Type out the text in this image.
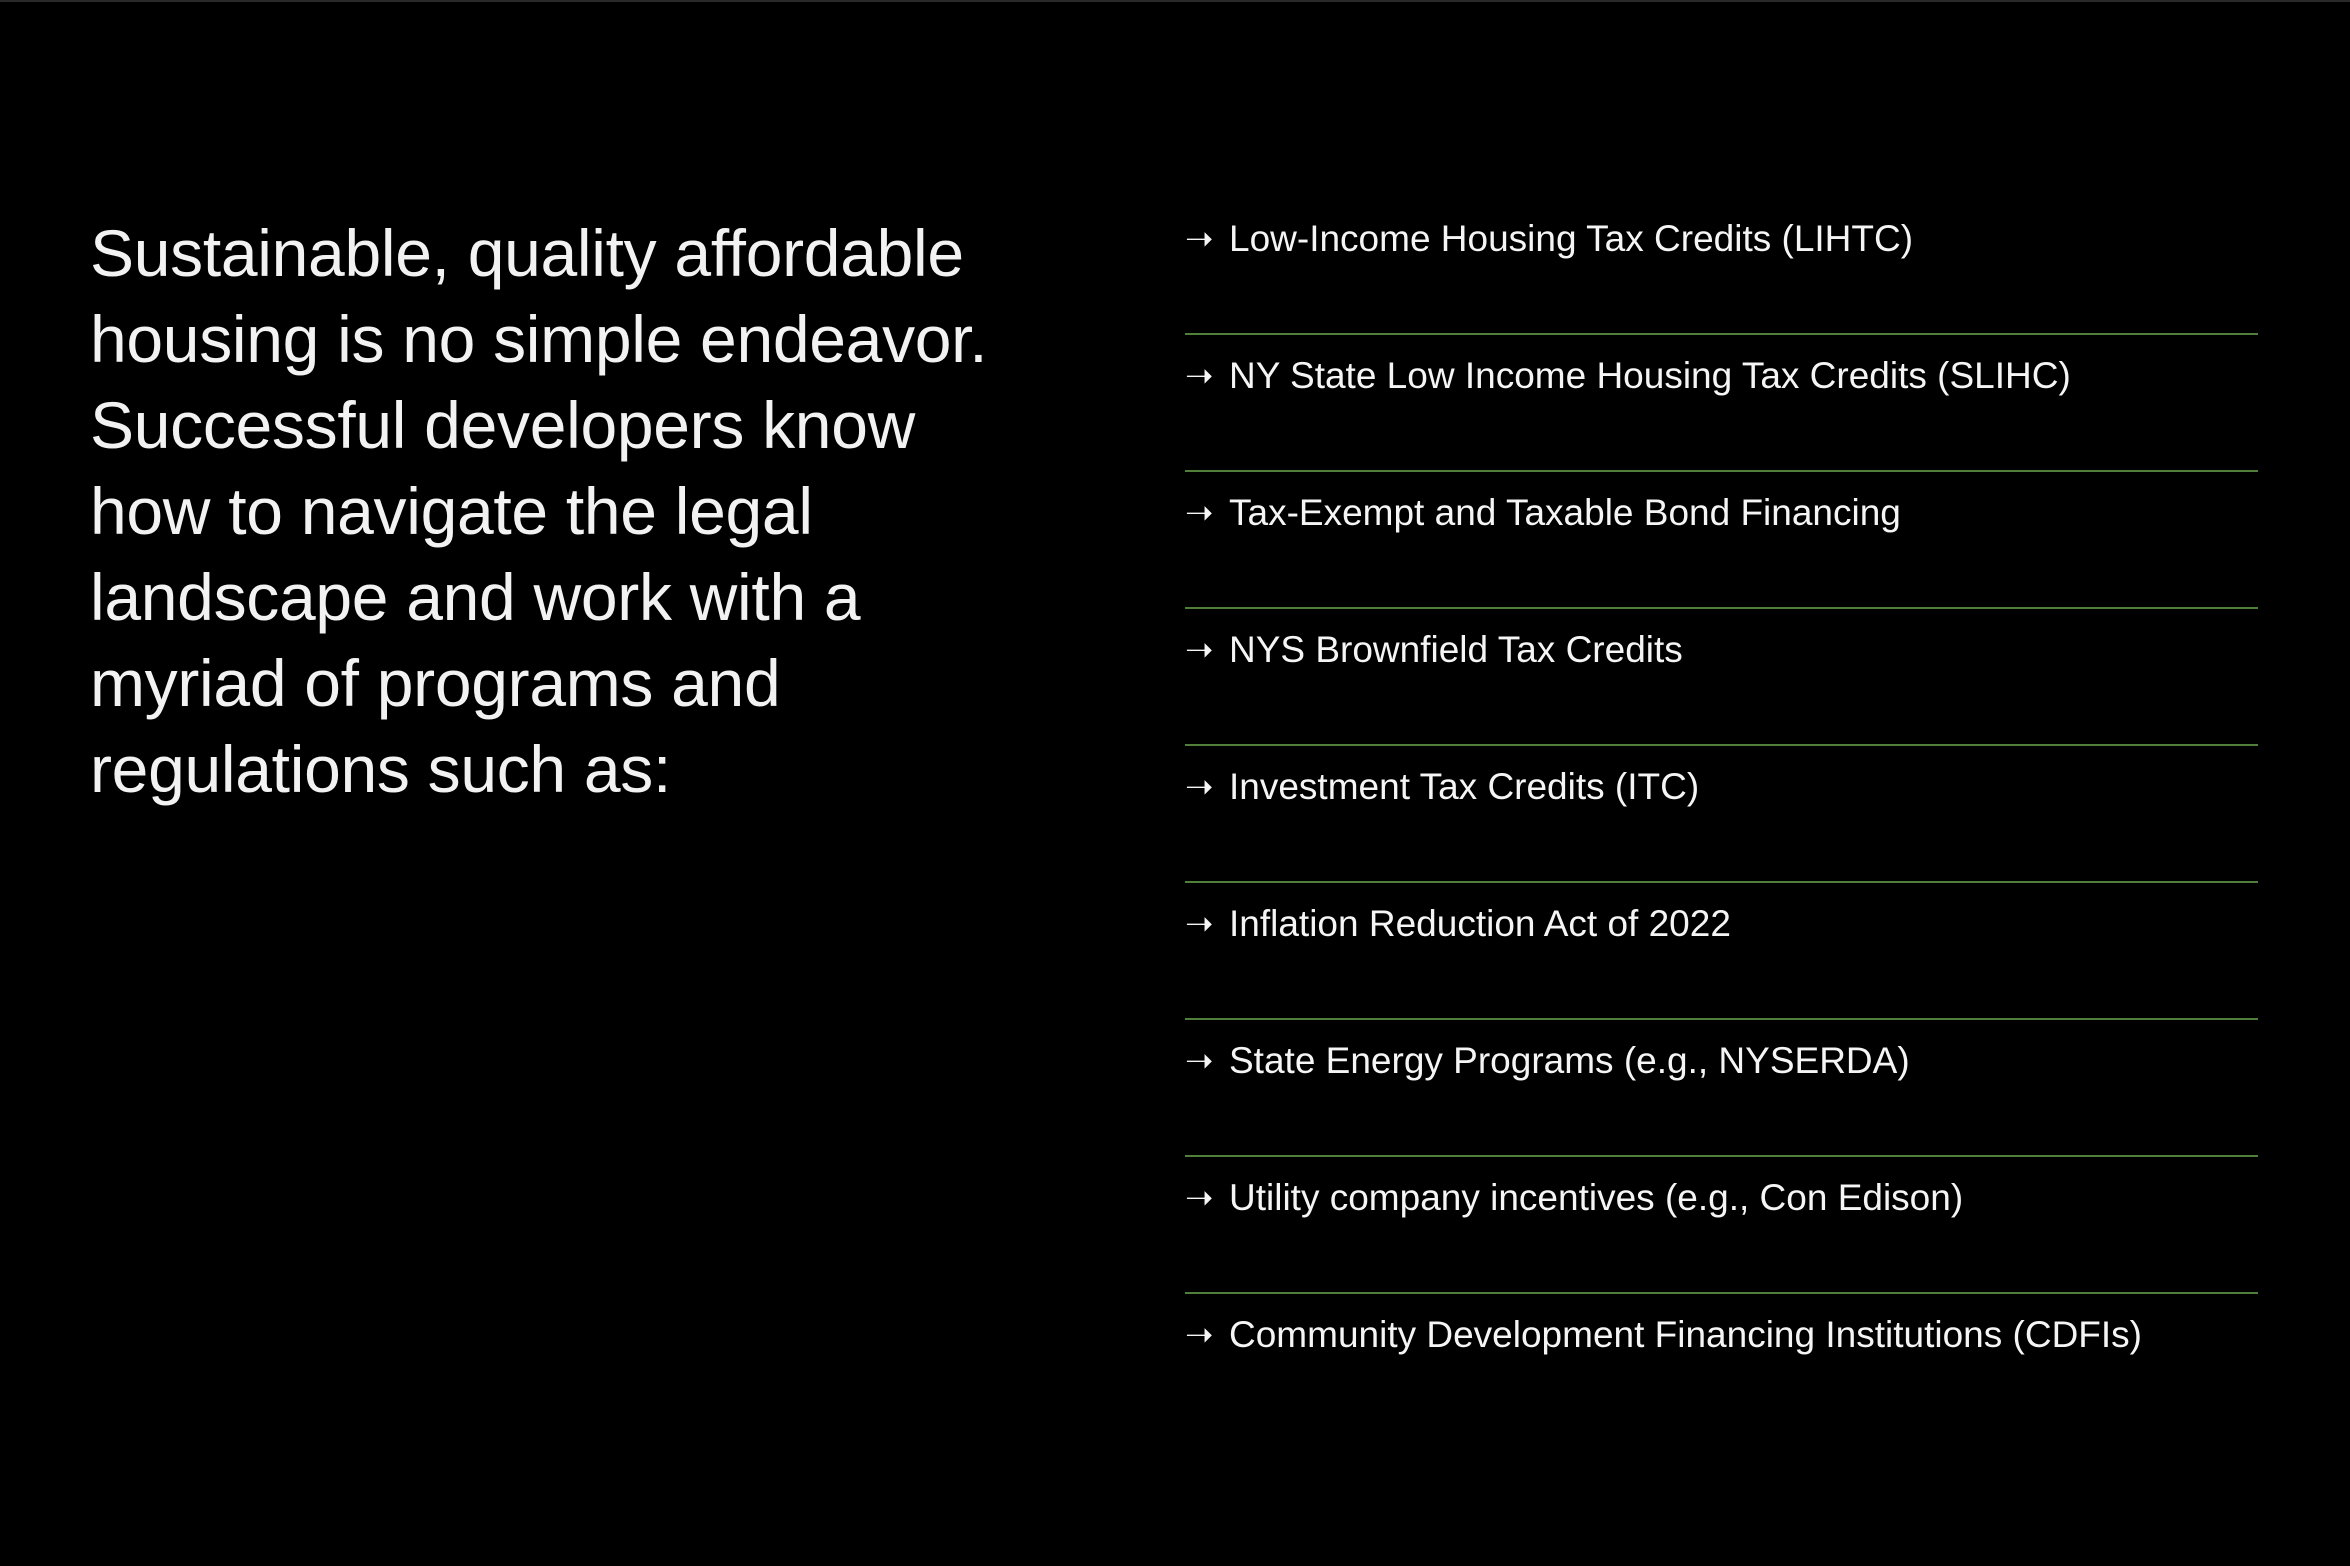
Sustainable, quality affordable housing is no simple endeavor. Successful developers know how to navigate the legal landscape and work with a myriad of programs and regulations such as:

➝ Low-Income Housing Tax Credits (LIHTC)
➝ NY State Low Income Housing Tax Credits (SLIHC)
➝ Tax-Exempt and Taxable Bond Financing
➝ NYS Brownfield Tax Credits
➝ Investment Tax Credits (ITC)
➝ Inflation Reduction Act of 2022
➝ State Energy Programs (e.g., NYSERDA)
➝ Utility company incentives (e.g., Con Edison)
➝ Community Development Financing Institutions (CDFIs)
